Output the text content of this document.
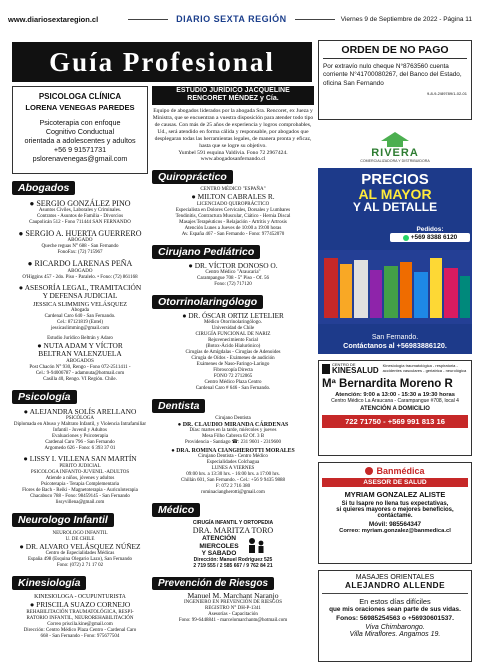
www.diariosextaregion.cl	DIARIO SEXTA REGIÓN	Viernes 9 de Septiembre de 2022 - Página 11
Guía Profesional
PSICOLOGA CLÍNICA
LORENA VENEGAS PAREDES
Psicoterapia con enfoque
Cognitivo Conductual
orientada a adolescentes y adultos
+56 9 91571731
pslorenavenegas@gmail.com
Abogados
● SERGIO GONZÁLEZ PINO
Asuntos Civiles, Laborales y Criminales.
Contratos - Asuntos de Familia - Divorcios
Caupolicán 512 - Fono 711444 SAN FERNANDO
● SERGIO A. HUERTA GUERRERO
ABOGADO
Queche reguas N° 688 - San Fernando
FonoFax: (72) 715967
● RICARDO LARENAS PEÑA
ABOGADO
O'Higgins 457 - 2do. Piso - Paralelo. • Fono: (72) 861168
● ASESORÍA LEGAL, TRAMITACIÓN
Y DEFENSA JUDICIAL
JESSICA SLIMMING VELÁSQUEZ
Abogada
Cardenal Caro 640 - San Fernando.
Cel.: 87121819 (Entel)
jessicaslimming@gmail.com
Estudio Jurídico Beltrán y Adaro
● NUTA ADAM Y VÍCTOR
BELTRAN VALENZUELA
ABOGADOS
Post Chacón N° 930, Rengo - Fono 072-2511411 -
Cel.: 9-94006787 - adamnuta@hotmail.com
Casilla 40, Rengo. VI Región. Chile.
Psicología
● ALEJANDRA SOLÍS ARELLANO
PSICÓLOGA
Diplomada en Abuso y Maltrato Infantil, y Violencia Intrafamiliar
Infantil - Juvenil y Adultos
Evaluaciones y Psicoterapia
Cardenal Caro 796 - San Fernando
Argomedo 626 - Fono: 6 393 37 01
● LISSY I. VILLENA SAN MARTÍN
PERITO JUDICIAL
PSICOLOGA INFANTO-JUVENIL -ADULTOS
Atiende a niños, jóvenes y adultos
Psicoterapia - Terapia Complementaria
Flores de Bach - Reiki - Magnetoterapia - Auriculoterapia
Chacabuco 788 - Fono: 98459145 - San Fernando
lissyvillena@gmail.com
Neurologo Infantil
NEUROLOGO INFANTIL
U. DE CHILE
● DR. ALVARO VELÁSQUEZ NÚÑEZ
Centro de Especialidades Médicas
España 498 (Esquina Olegario Lazo), San Fernando
Fono: (072) 2 71 17 02
Kinesiología
KINESIOLOGA - OCUPUNTURISTA
● PRISCILA SUAZO CORNEJO
REHABILITACIÓN TRAUMATOLÓGICA, RESPI-
RATORIO INFANTIL, NEUROREHABILITACIÓN
Correo priscila.kine@gmail.com
Dirección: Centro Médico Plaza Centro - Cardenal Caro
668 - San Fernando - Fono: 975677504
ESTUDIO JURÍDICO JACQUELINE
RENCORET MÉNDEZ y Cía.
Equipo de abogados liderados por la abogada Sra. Rencoret, ex Jueza y Ministra, que se encuentran a vuestra disposición para atender todo tipo de causas. Con más de 25 años de experiencia y logros comprobables, Ud., será atendido en forma cálida y responsable, por abogados que desplegaran todas las herramientas legales, de manera pronta y eficaz, hasta que se logre su objetivo.
Yumbel 591 esquina Valdivia. Fono 72 2967424.
www.abogadosanfernando.cl
Quiropráctico
CENTRO MÉDICO "ESPAÑA"
● MILTON CABRALES R.
LICENCIADO QUIROPRÁCTICO
Especialista en Dolores Cervicales, Dorsales y Lumbares
Tendinitis, Contractura Muscular, Ciático - Hernia Discal
Masajes Terapéuticos - Relajación - Artritis y Artrosis
Atención Lunes a Jueves de 10:00 a 19:00 horas
Av. España 467 - San Fernando - Fono: 977452070
Cirujano Pediátrico
● DR. VÍCTOR DONOSO O.
Centro Médico "Araucaria"
Carampangue 708 - 5° Piso - Of. 56
Fono: (72) 717120
Otorrinolaringólogo
● DR. ÓSCAR ORTIZ LETELIER
Médico Otorrinolaringólogo.
Universidad de Chile
CIRUGÍA FUNCIONAL DE NARIZ
Rejuvenecimiento Facial
(Botox-Ácido Hialurónico)
Cirugías de Amígdalas - Cirugías de Adenoides
Cirugía de Oídos - Exámenes de audición
Exámenes de Naso-Faringo-Laringo
Fibroscopía Directa
FONO 72 2712065
Centro Médico Plaza Centro
Cardenal Caro # 646 - San Fernando.
Dentista
Cirujano Dentista
● DR. CLAUDIO MIRANDA CÁRDENAS
Días: martes en la tarde, miércoles y jueves
Mesa Filho Cabrera 62 Of. 3 B
Providencia - Santiago ☎: 231 9601 - 2319600
● DRA. ROMINA CIANGHEROTTI MORALES
Cirujano Dentista - Centro Médico
Especialidades Colchagua
LUNES A VIERNES
09:00 hrs. a 13:30 hrs. - 16:00 hrs. a 17:00 hrs.
Chillán 601, San Fernando. - Cel.: +56 9 9435 9888
F: 072 2 716 380
rominaciangherotti@gmail.com
Médico
CIRUGÍA INFANTIL Y ORTOPEDIA
DRA. MARITZA TORO
ATENCIÓN
MIERCOLES
Y SABADO
Dirección: Manuel Rodríguez 525
2 719 555 / 2 585 667 / 9 762 84 21
Prevención de Riesgos
Manuel M. Marchant Naranjo
INGENIERO EN PREVENCIÓN DE RIESGOS
REGISTRO N° DH-P-1341
Asesorías - Capacitación
Fono: 99-6448841 - marcelomarchantn@hotmail.com
ORDEN DE NO PAGO
Por extravío nulo cheque N°8763560 cuenta corriente N°41700080267, del Banco del Estado, oficina San Fernando
9-8-9-2/89789/1-02-01
RIVERA
COMERCIALIZADORA Y DISTRIBUIDORA
PRECIOS
AL MAYOR
Y AL DETALLE
Pedidos:
+569 8388 6120
San Fernando.
Contáctanos al +56983886120.
CENTRO DE
KINESALUD
Kinesiología traumatológica - respiratoria - accidentes vasculares - geriatrica - neurológica
Mª Bernardita Moreno R
Atención: 9:00 a 13:00 - 15:30 a 19:30 horas
Centro Médico La Araucana - Carampangue #708, local 4
ATENCIÓN A DOMICILIO
722 71750 - +569 991 813 16
Banmédica
ASESOR DE SALUD
MYRIAM GONZALEZ ALISTE
Si tu Isapre no llena tus expectativas,
si quieres mayores o mejores beneficios,
contáctame.
Móvil: 985564347
Correo: myriam.gonzalez@banmedica.cl
MASAJES ORIENTALES
ALEJANDRO ALLENDE
En estos días difíciles
que mis oraciones sean parte de sus vidas.
Fonos: 56985254563 o +56930601537.
Viva Chimbarongo.
Villa Miraflores. Angamos 19.
